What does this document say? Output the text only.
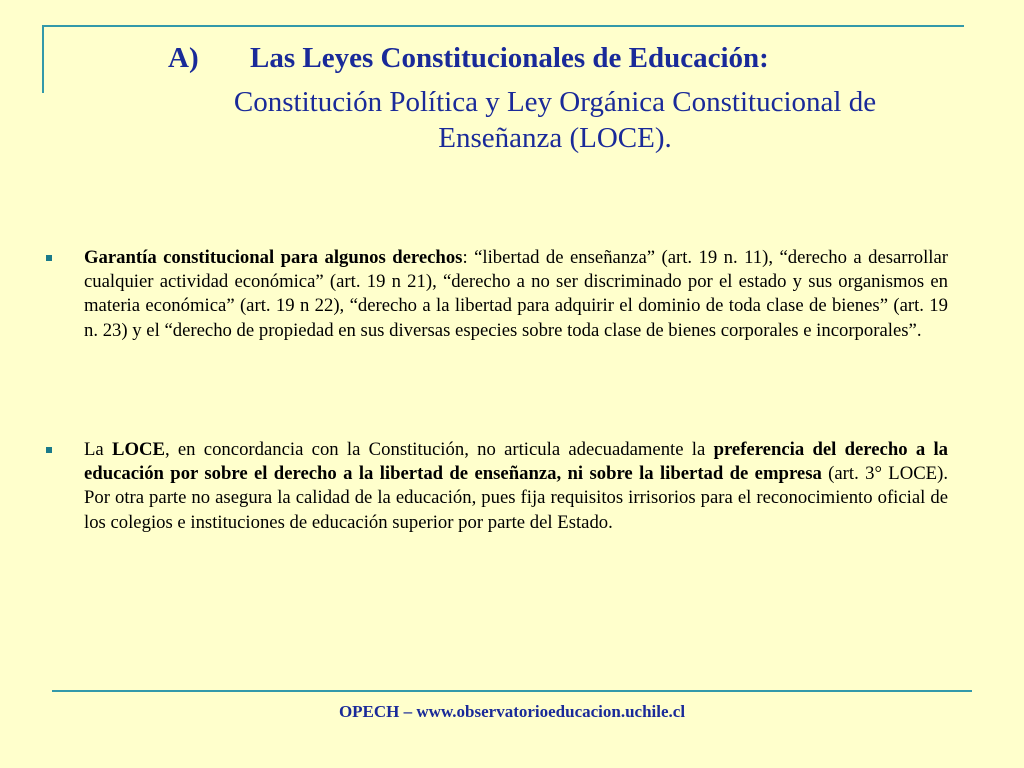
A) Las Leyes Constitucionales de Educación:
Constitución Política y Ley Orgánica Constitucional de
Enseñanza (LOCE).
Garantía constitucional para algunos derechos: “libertad de enseñanza” (art. 19 n. 11), “derecho a desarrollar cualquier actividad económica” (art. 19 n 21), “derecho a no ser discriminado por el estado y sus organismos en materia económica” (art. 19 n 22), “derecho a la libertad para adquirir el dominio de toda clase de bienes” (art. 19 n. 23) y el “derecho de propiedad en sus diversas especies sobre toda clase de bienes corporales e incorporales”.
La LOCE, en concordancia con la Constitución, no articula adecuadamente la preferencia del derecho a la educación por sobre el derecho a la libertad de enseñanza, ni sobre la libertad de empresa (art. 3° LOCE). Por otra parte no asegura la calidad de la educación, pues fija requisitos irrisorios para el reconocimiento oficial de los colegios e instituciones de educación superior por parte del Estado.
OPECH – www.observatorioeducacion.uchile.cl
